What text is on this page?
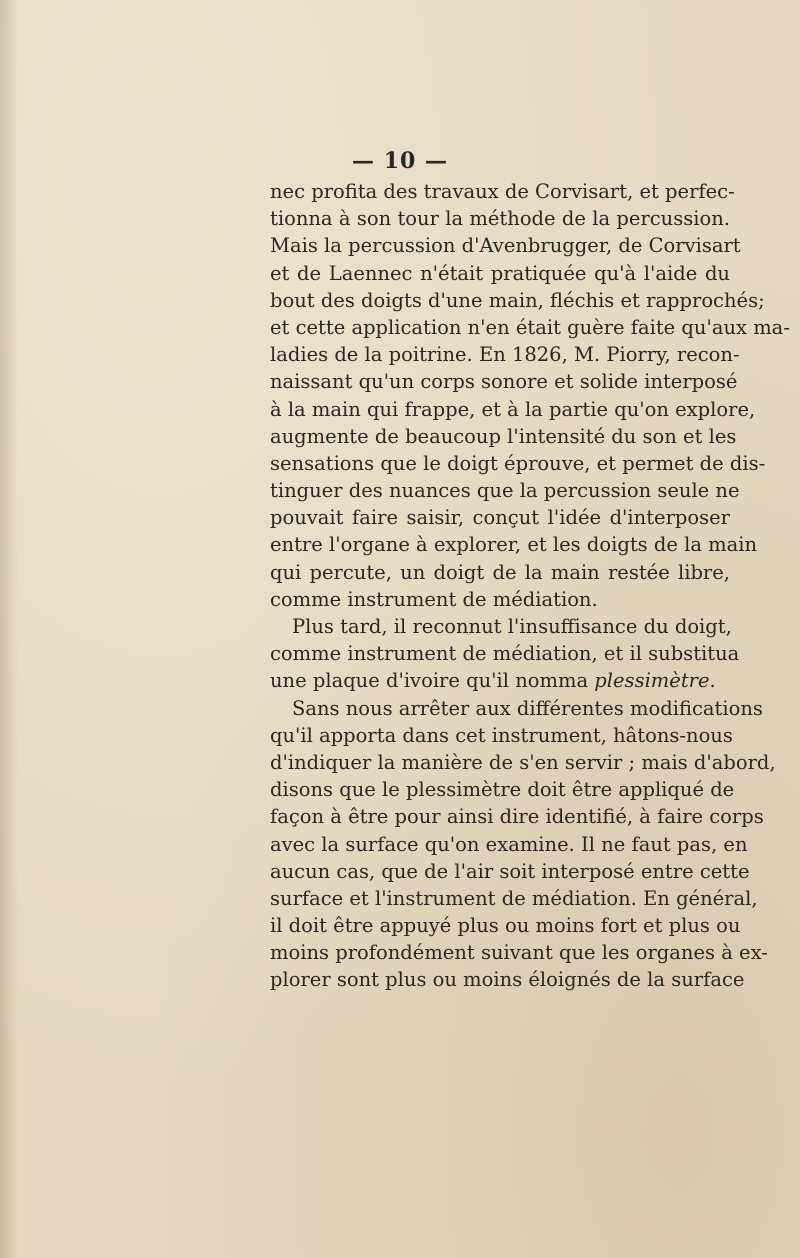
— 10 —
nec profita des travaux de Corvisart, et perfec-
tionna à son tour la méthode de la percussion.
Mais la percussion d'Avenbrugger, de Corvisart
et de Laennec n'était pratiquée qu'à l'aide du
bout des doigts d'une main, fléchis et rapprochés;
et cette application n'en était guère faite qu'aux ma-
ladies de la poitrine. En 1826, M. Piorry, recon-
naissant qu'un corps sonore et solide interposé
à la main qui frappe, et à la partie qu'on explore,
augmente de beaucoup l'intensité du son et les
sensations que le doigt éprouve, et permet de dis-
tinguer des nuances que la percussion seule ne
pouvait faire saisir, conçut l'idée d'interposer
entre l'organe à explorer, et les doigts de la main
qui percute, un doigt de la main restée libre,
comme instrument de médiation.
Plus tard, il reconnut l'insuffisance du doigt,
comme instrument de médiation, et il substitua
une plaque d'ivoire qu'il nomma plessimètre.
Sans nous arrêter aux différentes modifications
qu'il apporta dans cet instrument, hâtons-nous
d'indiquer la manière de s'en servir ; mais d'abord,
disons que le plessimètre doit être appliqué de
façon à être pour ainsi dire identifié, à faire corps
avec la surface qu'on examine. Il ne faut pas, en
aucun cas, que de l'air soit interposé entre cette
surface et l'instrument de médiation. En général,
il doit être appuyé plus ou moins fort et plus ou
moins profondément suivant que les organes à ex-
plorer sont plus ou moins éloignés de la surface
